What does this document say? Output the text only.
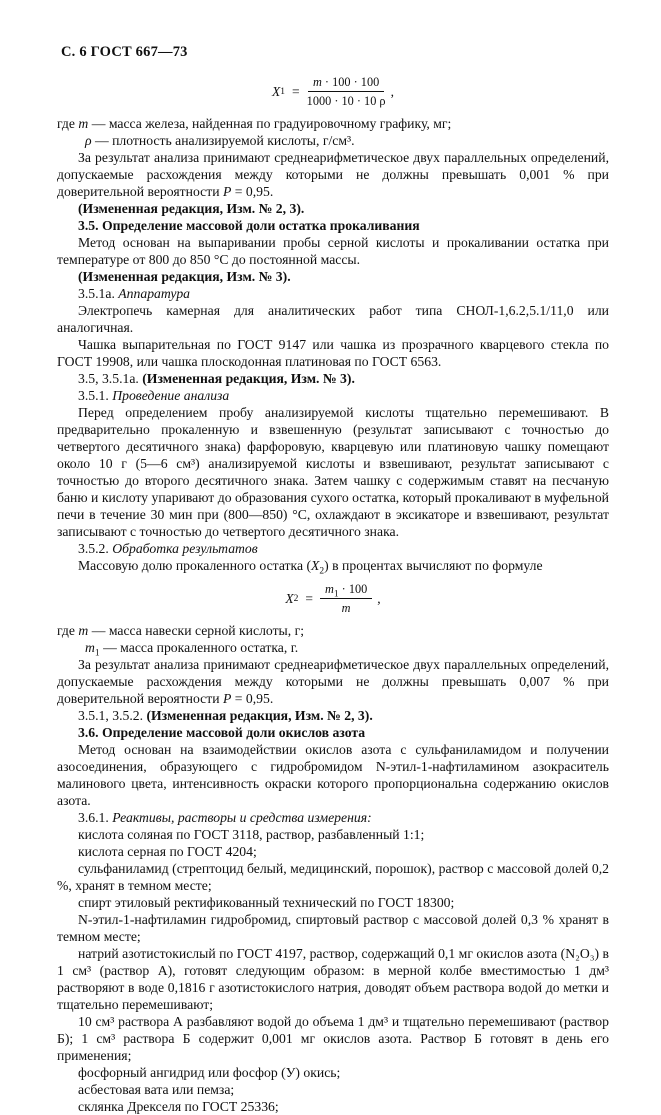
С. 6 ГОСТ 667—73
X $1 = \frac{m \cdot 100 \cdot 100}{1000 \cdot 10 \cdot 10 \rho}$ ,

где m — масса железа, найденная по градуировочному графику, мг;

ρ — плотность анализируемой кислоты, г/см³.

За результат анализа принимают среднеарифметическое двух параллельных определений, допускаемые расхождения между которыми не должны превышать 0,001 % при доверительной вероятности P = 0,95.

(Измененная редакция, Изм. № 2, 3).

3.5. Определение массовой доли остатка прокаливания

Метод основан на выпаривании пробы серной кислоты и прокаливании остатка при температуре от 800 до 850 °С до постоянной массы.

(Измененная редакция, Изм. № 3).

3.5.1а. Аппаратура

Электропечь камерная для аналитических работ типа СНОЛ-1,6.2,5.1/11,0 или аналогичная.

Чашка выпарительная по ГОСТ 9147 или чашка из прозрачного кварцевого стекла по ГОСТ 19908, или чашка плоскодонная платиновая по ГОСТ 6563.

3.5, 3.5.1а. (Измененная редакция, Изм. № 3).

3.5.1. Проведение анализа

Перед определением пробу анализируемой кислоты тщательно перемешивают. В предварительно прокаленную и взвешенную (результат записывают с точностью до четвертого десятичного знака) фарфоровую, кварцевую или платиновую чашку помещают около 10 г (5—6 см³) анализируемой кислоты и взвешивают, результат записывают с точностью до второго десятичного знака. Затем чашку с содержимым ставят на песчаную баню и кислоту упаривают до образования сухого остатка, который прокаливают в муфельной печи в течение 30 мин при (800—850) °С, охлаждают в эксикаторе и взвешивают, результат записывают с точностью до четвертого десятичного знака.

3.5.2. Обработка результатов

Массовую долю прокаленного остатка $(X_2)$ в процентах вычисляют по формуле

X $2 = \frac{m_1 \cdot 100}{m}$ ,

где m — масса навески серной кислоты, г;

$m_1$ — масса прокаленного остатка, г.

За результат анализа принимают среднеарифметическое двух параллельных определений, допускаемые расхождения между которыми не должны превышать 0,007 % при доверительной вероятности P = 0,95.

3.5.1, 3.5.2. (Измененная редакция, Изм. № 2, 3).

3.6. Определение массовой доли окислов азота

Метод основан на взаимодействии окислов азота с сульфаниламидом и получении азосоединения, образующего с гидробромидом N-этил-1-нафтиламином азокраситель малинового цвета, интенсивность окраски которого пропорциональна содержанию окислов азота.

3.6.1. Реактивы, растворы и средства измерения:

кислота соляная по ГОСТ 3118, раствор, разбавленный 1:1;

кислота серная по ГОСТ 4204;

сульфаниламид (стрептоцид белый, медицинский, порошок), раствор с массовой долей 0,2 %, хранят в темном месте;

спирт этиловый ректификованный технический по ГОСТ 18300;

N-этил-1-нафтиламин гидробромид, спиртовый раствор с массовой долей 0,3 % хранят в темном месте;

натрий азотистокислый по ГОСТ 4197, раствор, содержащий 0,1 мг окислов азота (N₂O₃) в 1 см³ (раствор А), готовят следующим образом: в мерной колбе вместимостью 1 дм³ растворяют в воде 0,1816 г азотистокислого натрия, доводят объем раствора водой до метки и тщательно перемешивают;

10 см³ раствора А разбавляют водой до объема 1 дм³ и тщательно перемешивают (раствор Б); 1 см³ раствора Б содержит 0,001 мг окислов азота. Раствор Б готовят в день его применения;

фосфорный ангидрид или фосфор (У) окись;

асбестовая вата или пемза;

склянка Дрекселя по ГОСТ 25336;
